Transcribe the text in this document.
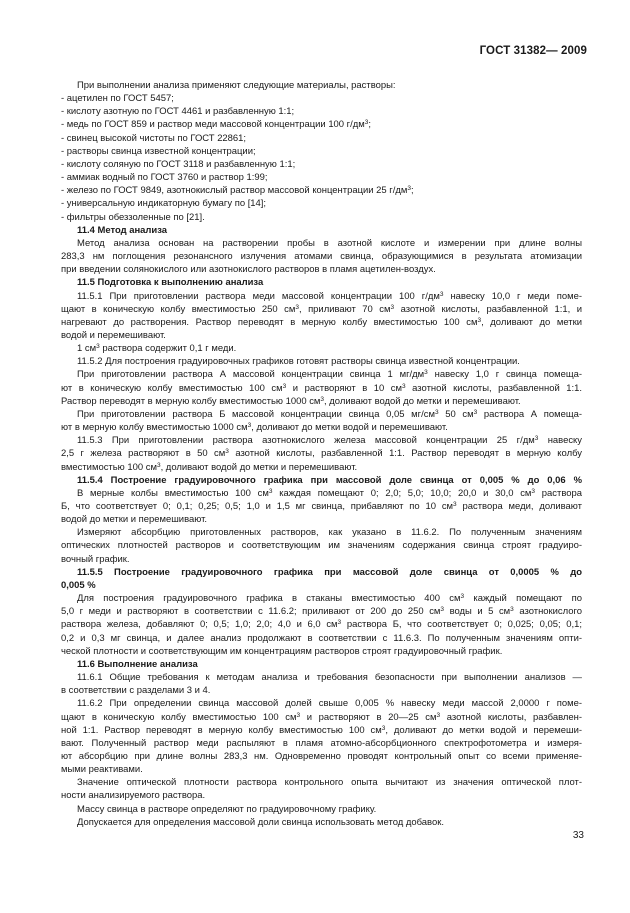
ГОСТ 31382— 2009

При выполнении анализа применяют следующие материалы, растворы:

- ацетилен по ГОСТ 5457;

- кислоту азотную по ГОСТ 4461 и разбавленную 1:1;

- медь по ГОСТ 859 и раствор меди массовой концентрации 100 $г/дм^3$;

- свинец высокой чистоты по ГОСТ 22861;

- растворы свинца известной концентрации;

- кислоту соляную по ГОСТ 3118 и разбавленную 1:1;

- аммиак водный по ГОСТ 3760 и раствор 1:99;

- железо по ГОСТ 9849, азотнокислый раствор массовой концентрации 25 $г/дм^3$;

- универсальную индикаторную бумагу по [14];

- фильтры обеззоленные по [21].

11.4 Метод анализа

Метод анализа основан на растворении пробы в азотной кислоте и измерении при длине волны

283,3 нм поглощения резонансного излучения атомами свинца, образующимися в результата атомизации

при введении солянокислого или азотнокислого растворов в пламя ацетилен-воздух.

11.5 Подготовка к выполнению анализа

11.5.1 При приготовлении раствора меди массовой концентрации 100 $г/дм^3$ навеску 10,0 г меди поме-

щают в коническую колбу вместимостью 250 $см^3$, приливают 70 $см^3$ азотной кислоты, разбавленной 1:1, и

нагревают до растворения. Раствор переводят в мерную колбу вместимостью 100 $см^3$, доливают до метки

водой и перемешивают.

1 $см^3$ раствора содержит 0,1 г меди.

11.5.2 Для построения градуировочных графиков готовят растворы свинца известной концентрации.

При приготовлении раствора А массовой концентрации свинца 1 $мг/дм^3$ навеску 1,0 г свинца помеща-

ют в коническую колбу вместимостью 100 $см^3$ и растворяют в 10 $см^3$ азотной кислоты, разбавленной 1:1.

Раствор переводят в мерную колбу вместимостью 1000 $см^3$, доливают водой до метки и перемешивают.

При приготовлении раствора Б массовой концентрации свинца 0,05 $мг/см^3$ 50 $см^3$ раствора А помеща-

ют в мерную колбу вместимостью 1000 $см^3$, доливают до метки водой и перемешивают.

11.5.3 При приготовлении раствора азотнокислого железа массовой концентрации 25 $г/дм^3$ навеску

2,5 г железа растворяют в 50 $см^3$ азотной кислоты, разбавленной 1:1. Раствор переводят в мерную колбу

вместимостью 100 $см^3$, доливают водой до метки и перемешивают.

11.5.4 Построение градуировочного графика при массовой доле свинца от 0,005 % до 0,06 %

В мерные колбы вместимостью 100 $см^3$ каждая помещают 0; 2,0; 5,0; 10,0; 20,0 и 30,0 $см^3$ раствора

Б, что соответствует 0; 0,1; 0,25; 0,5; 1,0 и 1,5 мг свинца, прибавляют по 10 $см^3$ раствора меди, доливают

водой до метки и перемешивают.

Измеряют абсорбцию приготовленных растворов, как указано в 11.6.2. По полученным значениям

оптических плотностей растворов и соответствующим им значениям содержания свинца строят градуиро-

вочный график.

11.5.5 Построение градуировочного графика при массовой доле свинца от 0,0005 % до

0,005 %

Для построения градуировочного графика в стаканы вместимостью 400 $см^3$ каждый помещают по

5,0 г меди и растворяют в соответствии с 11.6.2; приливают от 200 до 250 $см^3$ воды и 5 $см^3$ азотнокислого

раствора железа, добавляют 0; 0,5; 1,0; 2,0; 4,0 и 6,0 $см^3$ раствора Б, что соответствует 0; 0,025; 0,05; 0,1;

0,2 и 0,3 мг свинца, и далее анализ продолжают в соответствии с 11.6.3. По полученным значениям опти-

ческой плотности и соответствующим им концентрациям растворов строят градуировочный график.

11.6 Выполнение анализа

11.6.1 Общие требования к методам анализа и требования безопасности при выполнении анализов —

в соответствии с разделами 3 и 4.

11.6.2 При определении свинца массовой долей свыше 0,005 % навеску меди массой 2,0000 г поме-

щают в коническую колбу вместимостью 100 $см^3$ и растворяют в 20—25 $см^3$ азотной кислоты, разбавлен-

ной 1:1. Раствор переводят в мерную колбу вместимостью 100 $см^3$, доливают до метки водой и перемеши-

вают. Полученный раствор меди распыляют в пламя атомно-абсорбционного спектрофотометра и измеря-

ют абсорбцию при длине волны 283,3 нм. Одновременно проводят контрольный опыт со всеми применяе-

мыми реактивами.

Значение оптической плотности раствора контрольного опыта вычитают из значения оптической плот-

ности анализируемого раствора.

Массу свинца в растворе определяют по градуировочному графику.

Допускается для определения массовой доли свинца использовать метод добавок.

33
